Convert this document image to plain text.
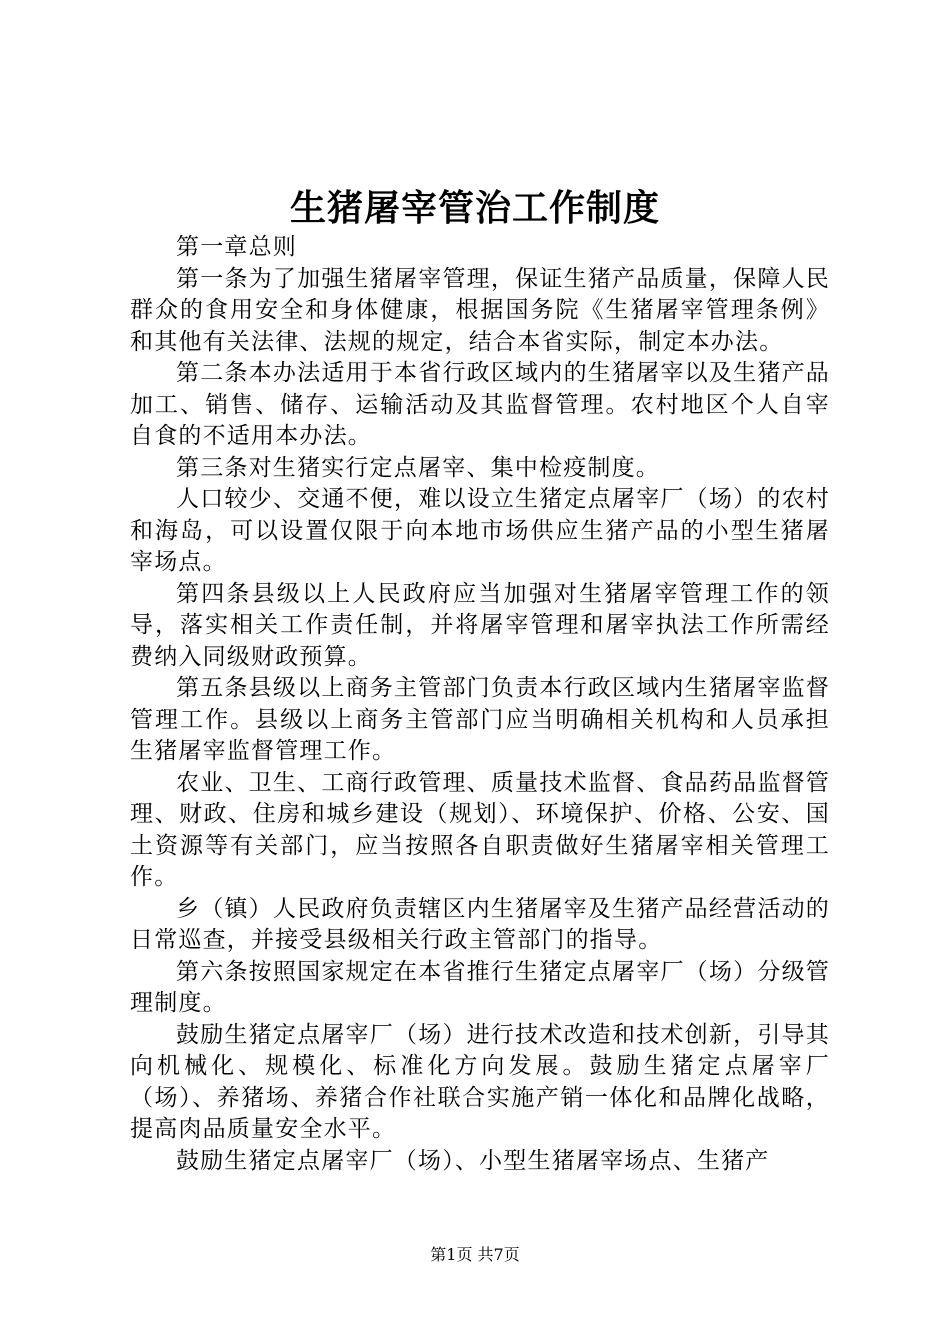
生猪屠宰管治工作制度

第一章总则

第一条为了加强生猪屠宰管理，保证生猪产品质量，保障人民群众的食用安全和身体健康，根据国务院《生猪屠宰管理条例》和其他有关法律、法规的规定，结合本省实际，制定本办法。

第二条本办法适用于本省行政区域内的生猪屠宰以及生猪产品加工、销售、储存、运输活动及其监督管理。农村地区个人自宰自食的不适用本办法。

第三条对生猪实行定点屠宰、集中检疫制度。

人口较少、交通不便，难以设立生猪定点屠宰厂（场）的农村和海岛，可以设置仅限于向本地市场供应生猪产品的小型生猪屠宰场点。

第四条县级以上人民政府应当加强对生猪屠宰管理工作的领导，落实相关工作责任制，并将屠宰管理和屠宰执法工作所需经费纳入同级财政预算。

第五条县级以上商务主管部门负责本行政区域内生猪屠宰监督管理工作。县级以上商务主管部门应当明确相关机构和人员承担生猪屠宰监督管理工作。

农业、卫生、工商行政管理、质量技术监督、食品药品监督管理、财政、住房和城乡建设（规划）、环境保护、价格、公安、国土资源等有关部门，应当按照各自职责做好生猪屠宰相关管理工作。

乡（镇）人民政府负责辖区内生猪屠宰及生猪产品经营活动的日常巡查，并接受县级相关行政主管部门的指导。

第六条按照国家规定在本省推行生猪定点屠宰厂（场）分级管理制度。

鼓励生猪定点屠宰厂（场）进行技术改造和技术创新，引导其向机械化、规模化、标准化方向发展。鼓励生猪定点屠宰厂（场）、养猪场、养猪合作社联合实施产销一体化和品牌化战略，提高肉品质量安全水平。

鼓励生猪定点屠宰厂（场）、小型生猪屠宰场点、生猪产

第1页 共7页
